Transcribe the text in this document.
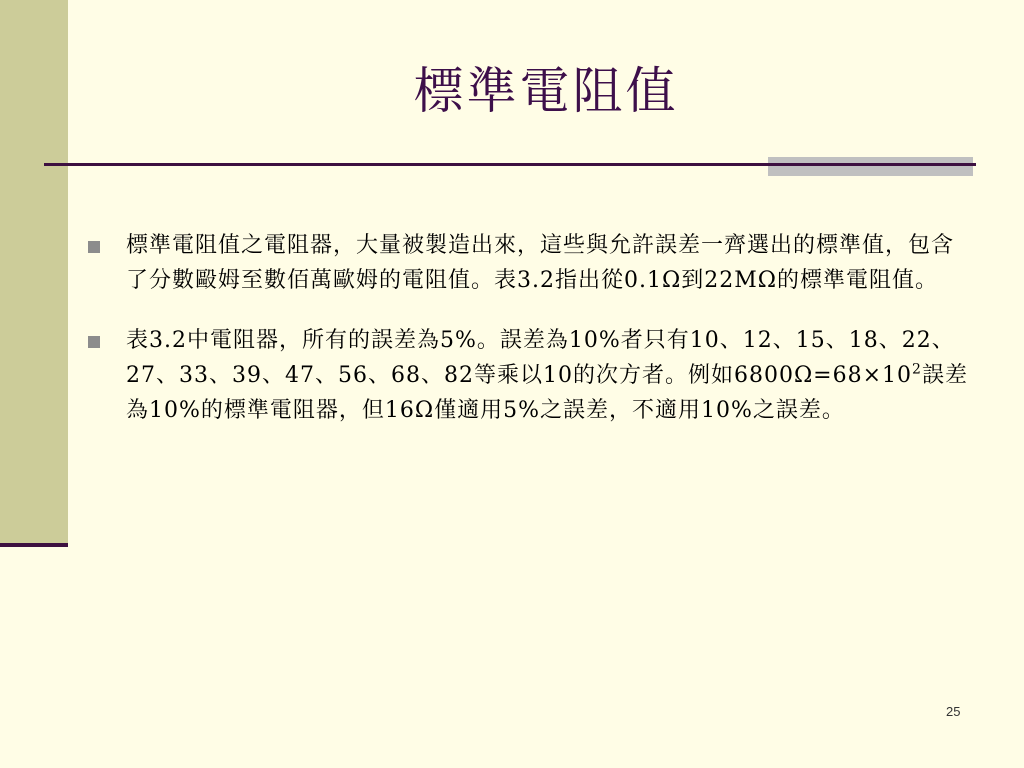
標準電阻值
標準電阻值之電阻器，大量被製造出來，這些與允許誤差一齊選出的標準值，包含了分數毆姆至數佰萬歐姆的電阻值。表3.2指出從0.1Ω到22MΩ的標準電阻值。
表3.2中電阻器，所有的誤差為5%。誤差為10%者只有10、12、15、18、22、27、33、39、47、56、68、82等乘以10的次方者。例如$6800\Omega=68\times 10^2$誤差為10%的標準電阻器，但16Ω僅適用5%之誤差，不適用10%之誤差。
25
